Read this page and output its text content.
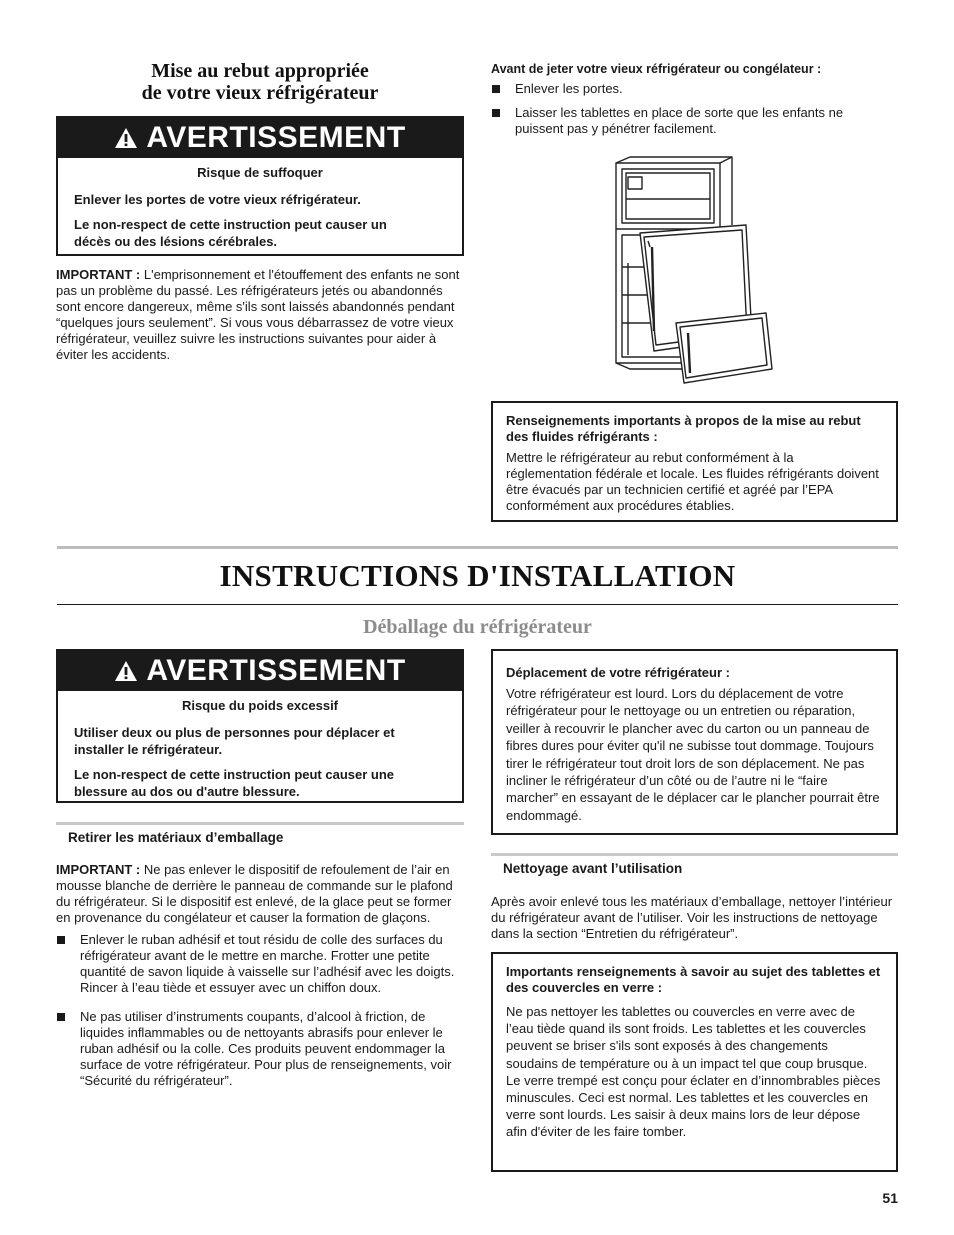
Mise au rebut appropriée
de votre vieux réfrigérateur
AVERTISSEMENT
Risque de suffoquer

Enlever les portes de votre vieux réfrigérateur.

Le non-respect de cette instruction peut causer un décès ou des lésions cérébrales.

IMPORTANT : L'emprisonnement et l'étouffement des enfants ne sont pas un problème du passé. Les réfrigérateurs jetés ou abandonnés sont encore dangereux, même s'ils sont laissés abandonnés pendant “quelques jours seulement”. Si vous vous débarrassez de votre vieux réfrigérateur, veuillez suivre les instructions suivantes pour aider à éviter les accidents.

Avant de jeter votre vieux réfrigérateur ou congélateur :
Enlever les portes.
Laisser les tablettes en place de sorte que les enfants ne puissent pas y pénétrer facilement.
Renseignements importants à propos de la mise au rebut des fluides réfrigérants :

Mettre le réfrigérateur au rebut conformément à la réglementation fédérale et locale. Les fluides réfrigérants doivent être évacués par un technicien certifié et agréé par l’EPA conformément aux procédures établies.

INSTRUCTIONS D'INSTALLATION
Déballage du réfrigérateur
AVERTISSEMENT
Risque du poids excessif

Utiliser deux ou plus de personnes pour déplacer et installer le réfrigérateur.

Le non-respect de cette instruction peut causer une blessure au dos ou d'autre blessure.

Retirer les matériaux d’emballage

IMPORTANT : Ne pas enlever le dispositif de refoulement de l’air en mousse blanche de derrière le panneau de commande sur le plafond du réfrigérateur. Si le dispositif est enlevé, de la glace peut se former en provenance du congélateur et causer la formation de glaçons.

Enlever le ruban adhésif et tout résidu de colle des surfaces du réfrigérateur avant de le mettre en marche. Frotter une petite quantité de savon liquide à vaisselle sur l’adhésif avec les doigts. Rincer à l’eau tiède et essuyer avec un chiffon doux.
Ne pas utiliser d’instruments coupants, d’alcool à friction, de liquides inflammables ou de nettoyants abrasifs pour enlever le ruban adhésif ou la colle. Ces produits peuvent endommager la surface de votre réfrigérateur. Pour plus de renseignements, voir “Sécurité du réfrigérateur”.
Déplacement de votre réfrigérateur :

Votre réfrigérateur est lourd. Lors du déplacement de votre réfrigérateur pour le nettoyage ou un entretien ou réparation, veiller à recouvrir le plancher avec du carton ou un panneau de fibres dures pour éviter qu'il ne subisse tout dommage. Toujours tirer le réfrigérateur tout droit lors de son déplacement. Ne pas incliner le réfrigérateur d’un côté ou de l’autre ni le “faire marcher” en essayant de le déplacer car le plancher pourrait être endommagé.

Nettoyage avant l’utilisation

Après avoir enlevé tous les matériaux d’emballage, nettoyer l’intérieur du réfrigérateur avant de l’utiliser. Voir les instructions de nettoyage dans la section “Entretien du réfrigérateur”.

Importants renseignements à savoir au sujet des tablettes et des couvercles en verre :

Ne pas nettoyer les tablettes ou couvercles en verre avec de l’eau tiède quand ils sont froids. Les tablettes et les couvercles peuvent se briser s'ils sont exposés à des changements soudains de température ou à un impact tel que coup brusque. Le verre trempé est conçu pour éclater en d’innombrables pièces minuscules. Ceci est normal. Les tablettes et les couvercles en verre sont lourds. Les saisir à deux mains lors de leur dépose afin d'éviter de les faire tomber.

51
